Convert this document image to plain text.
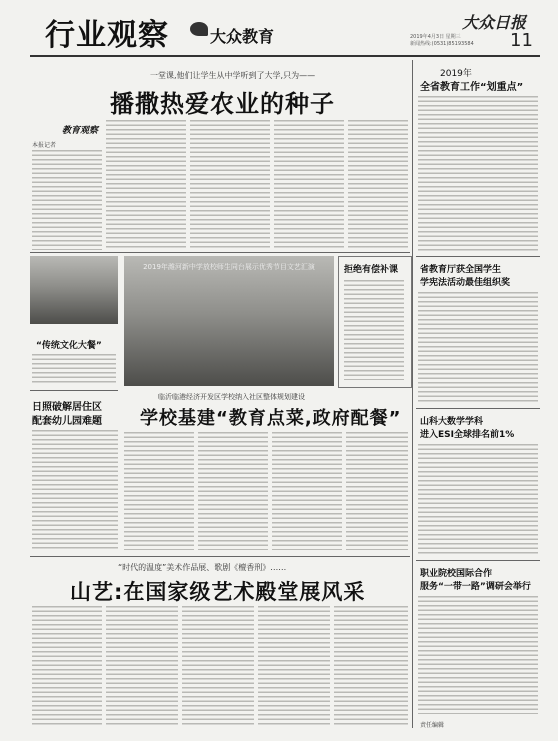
行业观察	大众教育	2019年4月3日 星期三
新闻热线:(0531)85193584
大众日报
11
一堂课,他们让学生从中学听到了大学,只为——
播撒热爱农业的种子
教育观察
本报记者
“传统文化大餐”
2019年潍河新中学放校师生同台展示优秀节目文艺汇演	拒绝有偿补课
临沂临港经济开发区学校纳入社区整体规划建设
学校基建“教育点菜,政府配餐”
日照破解居住区
配套幼儿园难题
“时代的温度”美术作品展、歌剧《檀香刑》……
山艺:在国家级艺术殿堂展风采
2019年
全省教育工作“划重点”
省教育厅获全国学生
学宪法活动最佳组织奖
山科大数学学科
进入ESI全球排名前1%
职业院校国际合作
服务“一带一路”调研会举行
责任编辑
